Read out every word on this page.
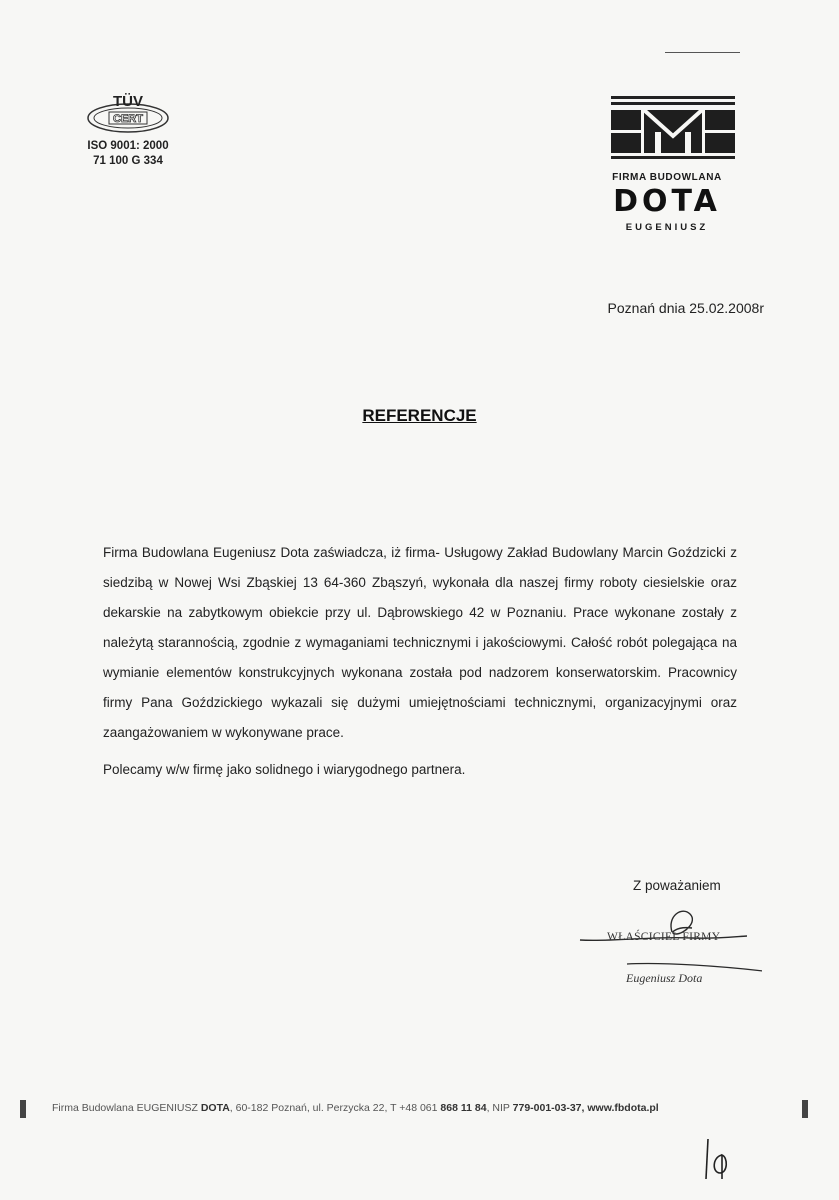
CERT
TÜV
ISO 9001: 2000
71 100 G 334
FIRMA BUDOWLANA
DOTA
EUGENIUSZ
Poznań dnia 25.02.2008r
REFERENCJE

Firma Budowlana Eugeniusz Dota zaświadcza, iż firma- Usługowy Zakład Budowlany Marcin Goździcki z siedzibą w Nowej Wsi Zbąskiej 13 64-360 Zbąszyń, wykonała dla naszej firmy roboty ciesielskie oraz dekarskie na zabytkowym obiekcie przy ul. Dąbrowskiego 42 w Poznaniu. Prace wykonane zostały z należytą starannością, zgodnie z wymaganiami technicznymi i jakościowymi. Całość robót polegająca na wymianie elementów konstrukcyjnych wykonana została pod nadzorem konserwatorskim. Pracownicy firmy Pana Goździckiego wykazali się dużymi umiejętnościami technicznymi, organizacyjnymi oraz zaangażowaniem w wykonywane prace.

Polecamy w/w firmę jako solidnego i wiarygodnego partnera.

Z poważaniem
WŁAŚCICIEL FIRMY
Eugeniusz Dota
Firma Budowlana EUGENIUSZ DOTA, 60-182 Poznań, ul. Perzycka 22, T +48 061 868 11 84, NIP 779-001-03-37, www.fbdota.pl
